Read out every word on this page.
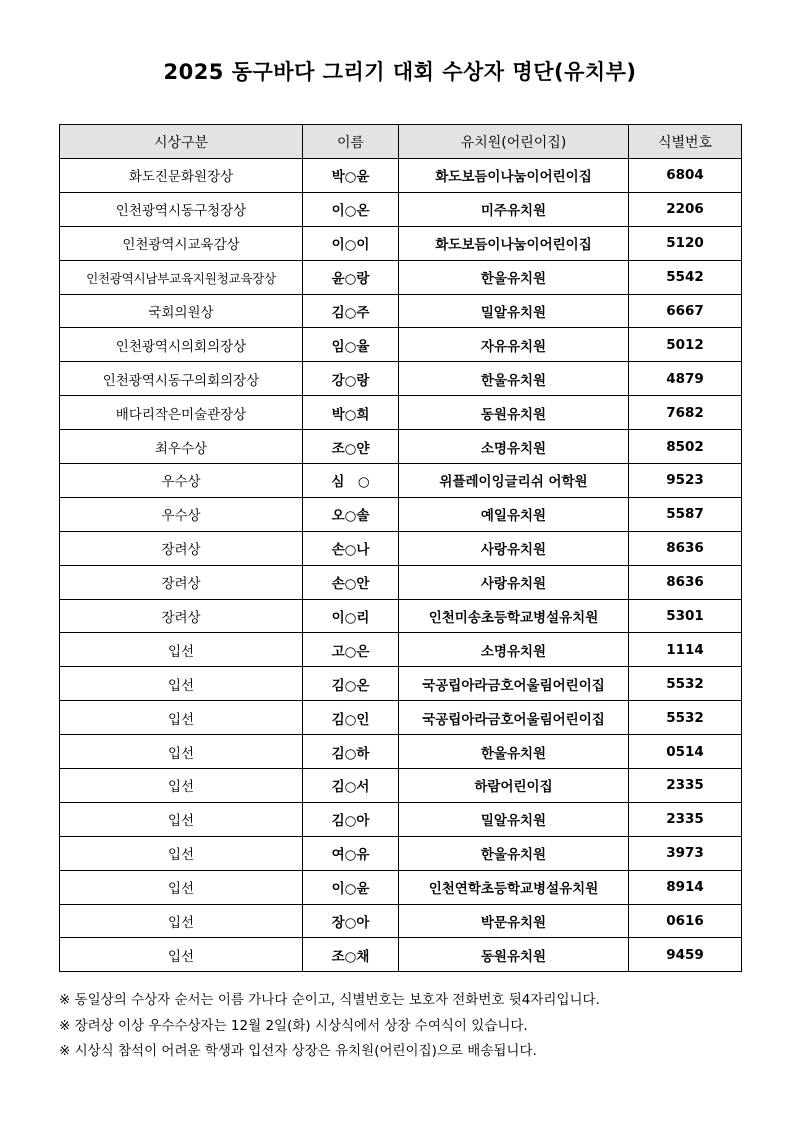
2025 동구바다 그리기 대회 수상자 명단(유치부)
시상구분	이름	유치원(어린이집)	식별번호
화도진문화원장상	박○윤	화도보듬이나눔이어린이집	6804
인천광역시동구청장상	이○온	미주유치원	2206
인천광역시교육감상	이○이	화도보듬이나눔이어린이집	5120
인천광역시남부교육지원청교육장상	윤○랑	한울유치원	5542
국회의원상	김○주	밀알유치원	6667
인천광역시의회의장상	임○율	자유유치원	5012
인천광역시동구의회의장상	강○랑	한울유치원	4879
배다리작은미술관장상	박○희	동원유치원	7682
최우수상	조○얀	소명유치원	8502
우수상	심　○	위플레이잉글리쉬 어학원	9523
우수상	오○솔	예일유치원	5587
장려상	손○나	사랑유치원	8636
장려상	손○안	사랑유치원	8636
장려상	이○리	인천미송초등학교병설유치원	5301
입선	고○은	소명유치원	1114
입선	김○온	국공립아라금호어울림어린이집	5532
입선	김○인	국공립아라금호어울림어린이집	5532
입선	김○하	한울유치원	0514
입선	김○서	하람어린이집	2335
입선	김○아	밀알유치원	2335
입선	여○유	한울유치원	3973
입선	이○윤	인천연학초등학교병설유치원	8914
입선	장○아	박문유치원	0616
입선	조○채	동원유치원	9459
※ 동일상의 수상자 순서는 이름 가나다 순이고, 식별번호는 보호자 전화번호 뒷4자리입니다.
※ 장려상 이상 우수수상자는 12월 2일(화) 시상식에서 상장 수여식이 있습니다.
※ 시상식 참석이 어려운 학생과 입선자 상장은 유치원(어린이집)으로 배송됩니다.
